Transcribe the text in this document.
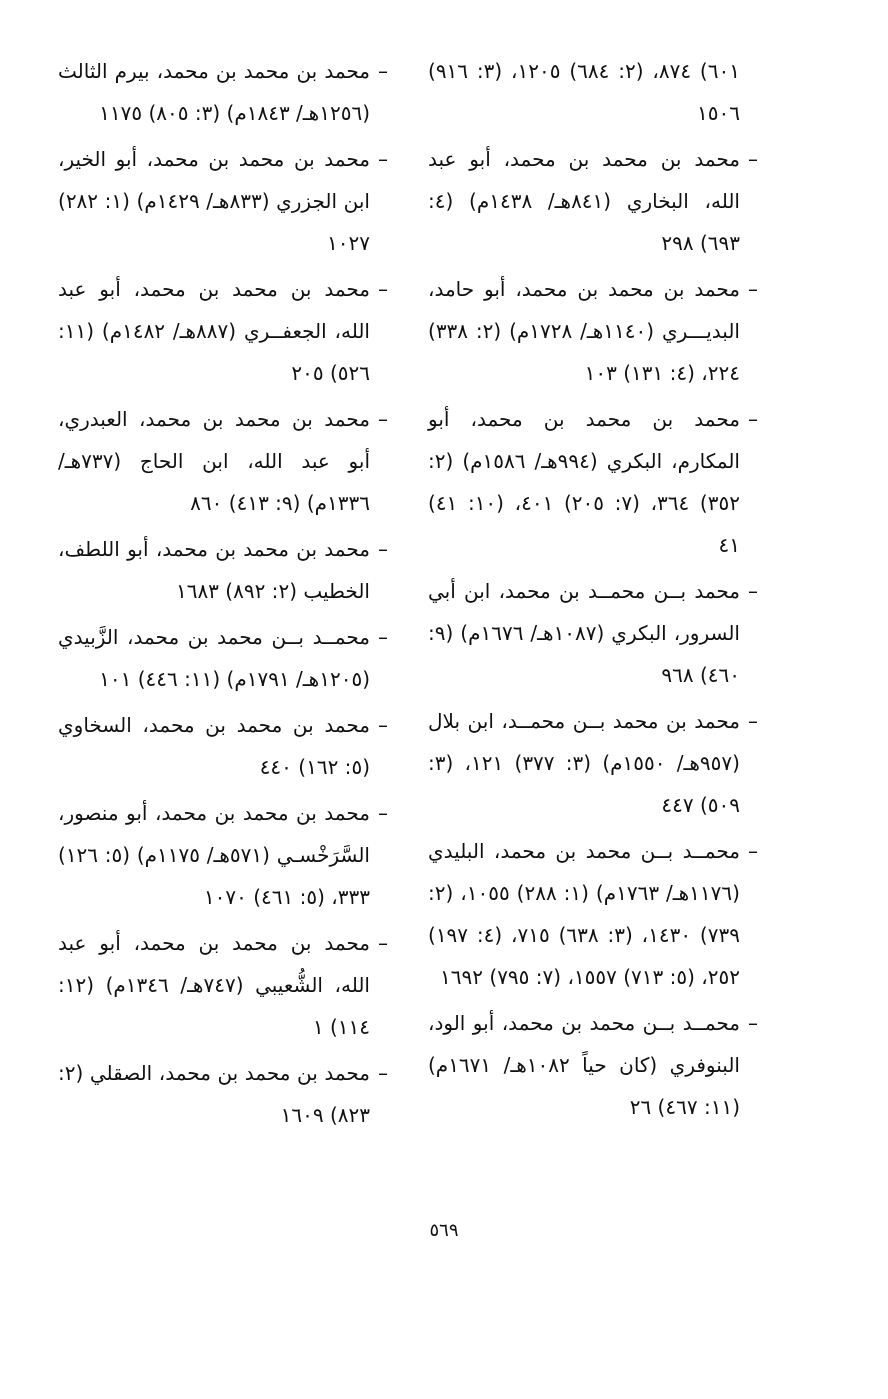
٦٠١) ٨٧٤، (٢: ٦٨٤) ١٢٠٥، (٣: ٩١٦) ١٥٠٦
–
محمد بن محمد بن محمد، أبو عبد الله، البخاري (٨٤١هـ/ ١٤٣٨م) (٤: ٦٩٣) ٢٩٨
–
محمد بن محمد بن محمد، أبو حامد، البديـــري (١١٤٠هـ/ ١٧٢٨م) (٢: ٣٣٨) ٢٢٤، (٤: ١٣١) ١٠٣
–
محمد بن محمد بن محمد، أبو المكارم، البكري (٩٩٤هـ/ ١٥٨٦م) (٢: ٣٥٢) ٣٦٤، (٧: ٢٠٥) ٤٠١، (١٠: ٤١) ٤١
–
محمد بــن محمــد بن محمد، ابن أبي السرور، البكري (١٠٨٧هـ/ ١٦٧٦م) (٩: ٤٦٠) ٩٦٨
–
محمد بن محمد بــن محمــد، ابن بلال (٩٥٧هـ/ ١٥٥٠م) (٣: ٣٧٧) ١٢١، (٣: ٥٠٩) ٤٤٧
–
محمــد بــن محمد بن محمد، البليدي (١١٧٦هـ/ ١٧٦٣م) (١: ٢٨٨) ١٠٥٥، (٢: ٧٣٩) ١٤٣٠، (٣: ٦٣٨) ٧١٥، (٤: ١٩٧) ٢٥٢، (٥: ٧١٣) ١٥٥٧، (٧: ٧٩٥) ١٦٩٢
–
محمــد بــن محمد بن محمد، أبو الود، البنوفري (كان حياً ١٠٨٢هـ/ ١٦٧١م) (١١: ٤٦٧) ٢٦
–
محمد بن محمد بن محمد، بيرم الثالث (١٢٥٦هـ/ ١٨٤٣م) (٣: ٨٠٥) ١١٧٥
–
محمد بن محمد بن محمد، أبو الخير، ابن الجزري (٨٣٣هـ/ ١٤٢٩م) (١: ٢٨٢) ١٠٢٧
–
محمد بن محمد بن محمد، أبو عبد الله، الجعفــري (٨٨٧هـ/ ١٤٨٢م) (١١: ٥٢٦) ٢٠٥
–
محمد بن محمد بن محمد، العبدري، أبو عبد الله، ابن الحاج (٧٣٧هـ/ ١٣٣٦م) (٩: ٤١٣) ٨٦٠
–
محمد بن محمد بن محمد، أبو اللطف، الخطيب (٢: ٨٩٢) ١٦٨٣
–
محمــد بــن محمد بن محمد، الزَّبيدي (١٢٠٥هـ/ ١٧٩١م) (١١: ٤٤٦) ١٠١
–
محمد بن محمد بن محمد، السخاوي (٥: ١٦٢) ٤٤٠
–
محمد بن محمد بن محمد، أبو منصور، السَّرَخْسـي (٥٧١هـ/ ١١٧٥م) (٥: ١٢٦) ٣٣٣، (٥: ٤٦١) ١٠٧٠
–
محمد بن محمد بن محمد، أبو عبد الله، الشُّعيبي (٧٤٧هـ/ ١٣٤٦م) (١٢: ١١٤) ١
–
محمد بن محمد بن محمد، الصقلي (٢: ٨٢٣) ١٦٠٩
٥٦٩
